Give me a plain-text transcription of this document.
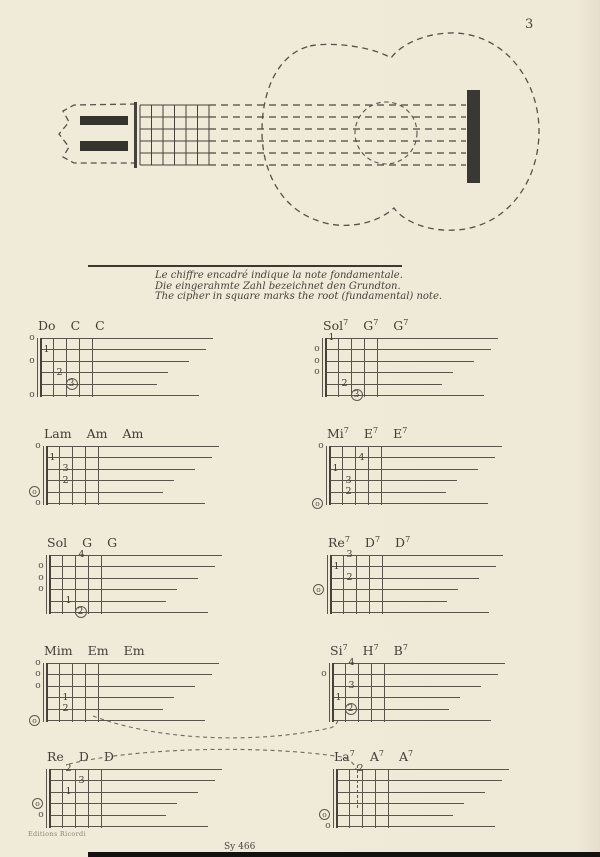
3
Le chiffre encadré indique la note fondamentale.
Die eingerahmte Zahl bezeichnet den Grundton.
The cipher in square marks the root (fundamental) note.
Do C C
o
o
o
1
2
3
Sol$^7$ $G^7$ $G^7$
o
o
o
1
2
3
Lam Am Am
o
o
o
1
3
2
Mi$^7$ $E^7$ $E^7$
o
o
4
1
3
2
Sol G G
o
o
o
4
1
2
Re$^7$ $D^7$ $D^7$
o
3
1
2
Mim Em Em
o
o
o
o
1
2
Si$^7$ $H^7$ $B^7$
o
4
3
1
2
Re D D
o
o
2
3
1
La$^7$ $A^7$ $A^7$
o
o
2
Editions Ricordi
Sy 466
